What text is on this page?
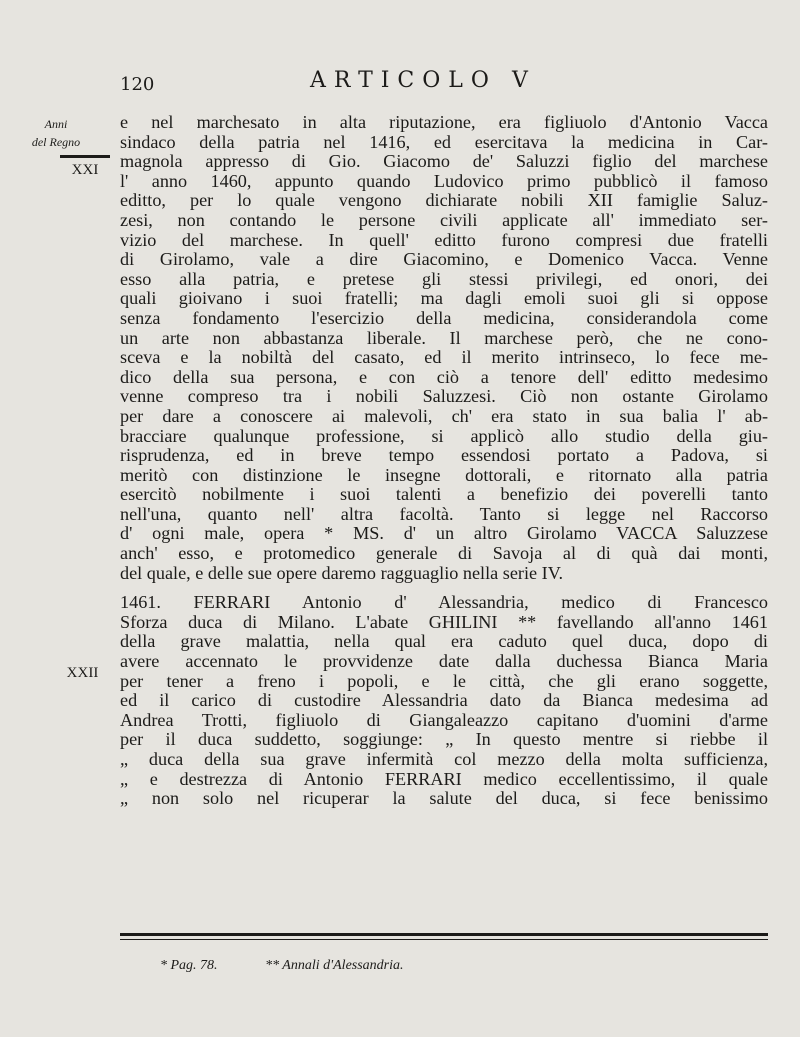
120	ARTICOLO V
Anni
del Regno
XXI
XXII
e nel marchesato in alta riputazione, era figliuolo d'Antonio Vacca
sindaco della patria nel 1416, ed esercitava la medicina in Car-
magnola appresso di Gio. Giacomo de' Saluzzi figlio del marchese
l' anno 1460, appunto quando Ludovico primo pubblicò il famoso
editto, per lo quale vengono dichiarate nobili XII famiglie Saluz-
zesi, non contando le persone civili applicate all' immediato ser-
vizio del marchese. In quell' editto furono compresi due fratelli
di Girolamo, vale a dire Giacomino, e Domenico Vacca. Venne
esso alla patria, e pretese gli stessi privilegi, ed onori, dei
quali gioivano i suoi fratelli; ma dagli emoli suoi gli si oppose
senza fondamento l'esercizio della medicina, considerandola come
un arte non abbastanza liberale. Il marchese però, che ne cono-
sceva e la nobiltà del casato, ed il merito intrinseco, lo fece me-
dico della sua persona, e con ciò a tenore dell' editto medesimo
venne compreso tra i nobili Saluzzesi. Ciò non ostante Girolamo
per dare a conoscere ai malevoli, ch' era stato in sua balia l' ab-
bracciare qualunque professione, si applicò allo studio della giu-
risprudenza, ed in breve tempo essendosi portato a Padova, si
meritò con distinzione le insegne dottorali, e ritornato alla patria
esercitò nobilmente i suoi talenti a benefizio dei poverelli tanto
nell'una, quanto nell' altra facoltà. Tanto si legge nel Raccorso
d' ogni male, opera * MS. d' un altro Girolamo VACCA Saluzzese
anch' esso, e protomedico generale di Savoja al di quà dai monti,
del quale, e delle sue opere daremo ragguaglio nella serie IV.
1461. FERRARI Antonio d' Alessandria, medico di Francesco
Sforza duca di Milano. L'abate GHILINI ** favellando all'anno 1461
della grave malattia, nella qual era caduto quel duca, dopo di
avere accennato le provvidenze date dalla duchessa Bianca Maria
per tener a freno i popoli, e le città, che gli erano soggette,
ed il carico di custodire Alessandria dato da Bianca medesima ad
Andrea Trotti, figliuolo di Giangaleazzo capitano d'uomini d'arme
per il duca suddetto, soggiunge: „ In questo mentre si riebbe il
„ duca della sua grave infermità col mezzo della molta sufficienza,
„ e destrezza di Antonio FERRARI medico eccellentissimo, il quale
„ non solo nel ricuperar la salute del duca, si fece benissimo
* Pag. 78.	** Annali d'Alessandria.
